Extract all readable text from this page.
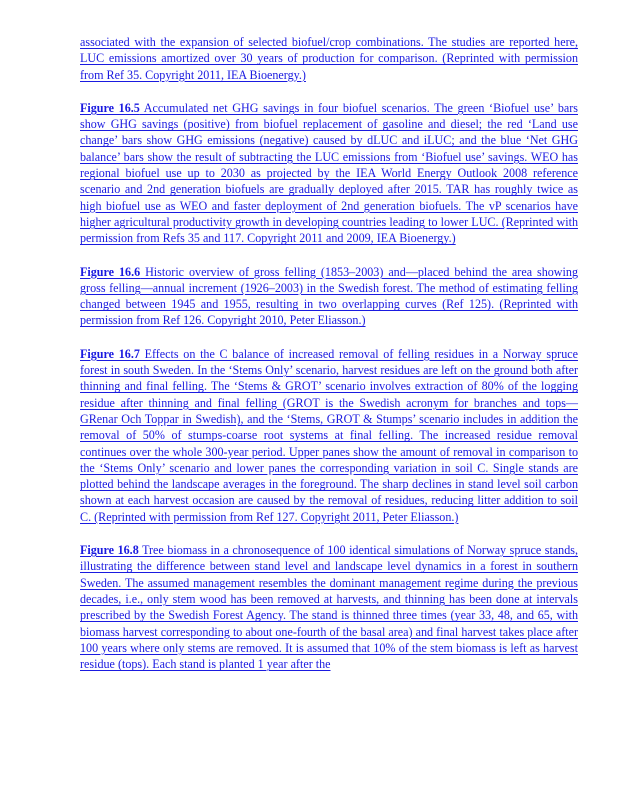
associated with the expansion of selected biofuel/crop combinations. The studies are reported here, LUC emissions amortized over 30 years of production for comparison. (Reprinted with permission from Ref 35. Copyright 2011, IEA Bioenergy.)

Figure 16.5 Accumulated net GHG savings in four biofuel scenarios. The green ‘Biofuel use’ bars show GHG savings (positive) from biofuel replacement of gasoline and diesel; the red ‘Land use change’ bars show GHG emissions (negative) caused by dLUC and iLUC; and the blue ‘Net GHG balance’ bars show the result of subtracting the LUC emissions from ‘Biofuel use’ savings. WEO has regional biofuel use up to 2030 as projected by the IEA World Energy Outlook 2008 reference scenario and 2nd generation biofuels are gradually deployed after 2015. TAR has roughly twice as high biofuel use as WEO and faster deployment of 2nd generation biofuels. The vP scenarios have higher agricultural productivity growth in developing countries leading to lower LUC. (Reprinted with permission from Refs 35 and 117. Copyright 2011 and 2009, IEA Bioenergy.)

Figure 16.6 Historic overview of gross felling (1853–2003) and—placed behind the area showing gross felling—annual increment (1926–2003) in the Swedish forest. The method of estimating felling changed between 1945 and 1955, resulting in two overlapping curves (Ref 125). (Reprinted with permission from Ref 126. Copyright 2010, Peter Eliasson.)

Figure 16.7 Effects on the C balance of increased removal of felling residues in a Norway spruce forest in south Sweden. In the ‘Stems Only’ scenario, harvest residues are left on the ground both after thinning and final felling. The ‘Stems & GROT’ scenario involves extraction of 80% of the logging residue after thinning and final felling (GROT is the Swedish acronym for branches and tops—GRenar Och Toppar in Swedish), and the ‘Stems, GROT & Stumps’ scenario includes in addition the removal of 50% of stumps-coarse root systems at final felling. The increased residue removal continues over the whole 300-year period. Upper panes show the amount of removal in comparison to the ‘Stems Only’ scenario and lower panes the corresponding variation in soil C. Single stands are plotted behind the landscape averages in the foreground. The sharp declines in stand level soil carbon shown at each harvest occasion are caused by the removal of residues, reducing litter addition to soil C. (Reprinted with permission from Ref 127. Copyright 2011, Peter Eliasson.)

Figure 16.8 Tree biomass in a chronosequence of 100 identical simulations of Norway spruce stands, illustrating the difference between stand level and landscape level dynamics in a forest in southern Sweden. The assumed management resembles the dominant management regime during the previous decades, i.e., only stem wood has been removed at harvests, and thinning has been done at intervals prescribed by the Swedish Forest Agency. The stand is thinned three times (year 33, 48, and 65, with biomass harvest corresponding to about one-fourth of the basal area) and final harvest takes place after 100 years where only stems are removed. It is assumed that 10% of the stem biomass is left as harvest residue (tops). Each stand is planted 1 year after the
